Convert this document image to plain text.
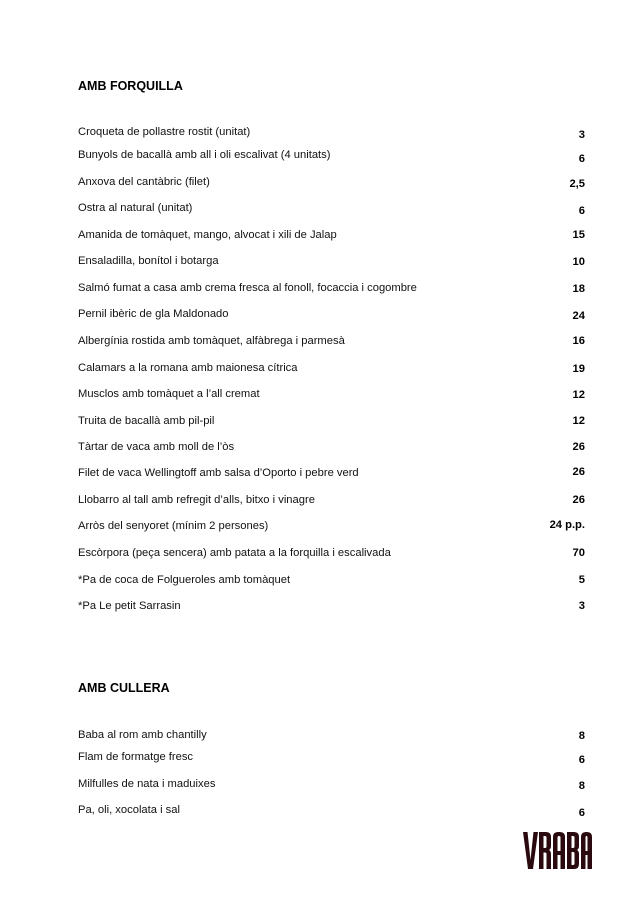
AMB FORQUILLA
Croqueta de pollastre rostit (unitat)	3
Bunyols de bacallà amb all i oli escalivat (4 unitats)	6
Anxova del cantàbric (filet)	2,5
Ostra al natural (unitat)	6
Amanida de tomàquet, mango, alvocat i xili de Jalap	15
Ensaladilla, bonítol i botarga	10
Salmó fumat a casa amb crema fresca al fonoll, focaccia i cogombre	18
Pernil ibèric de gla Maldonado	24
Albergínia rostida amb tomàquet, alfàbrega i parmesà	16
Calamars a la romana amb maionesa cítrica	19
Musclos amb tomàquet a l’all cremat	12
Truita de bacallà amb pil-pil	12
Tàrtar de vaca amb moll de l’òs	26
Filet de vaca Wellingtoff amb salsa d’Oporto i pebre verd	26
Llobarro al tall amb refregit d’alls, bitxo i vinagre	26
Arròs del senyoret (mínim 2 persones)	24 p.p.
Escòrpora (peça sencera) amb patata a la forquilla i escalivada	70
*Pa de coca de Folgueroles amb tomàquet	5
*Pa Le petit Sarrasin	3
AMB CULLERA
Baba al rom amb chantilly	8
Flam de formatge fresc	6
Milfulles de nata i maduixes	8
Pa, oli, xocolata i sal	6
